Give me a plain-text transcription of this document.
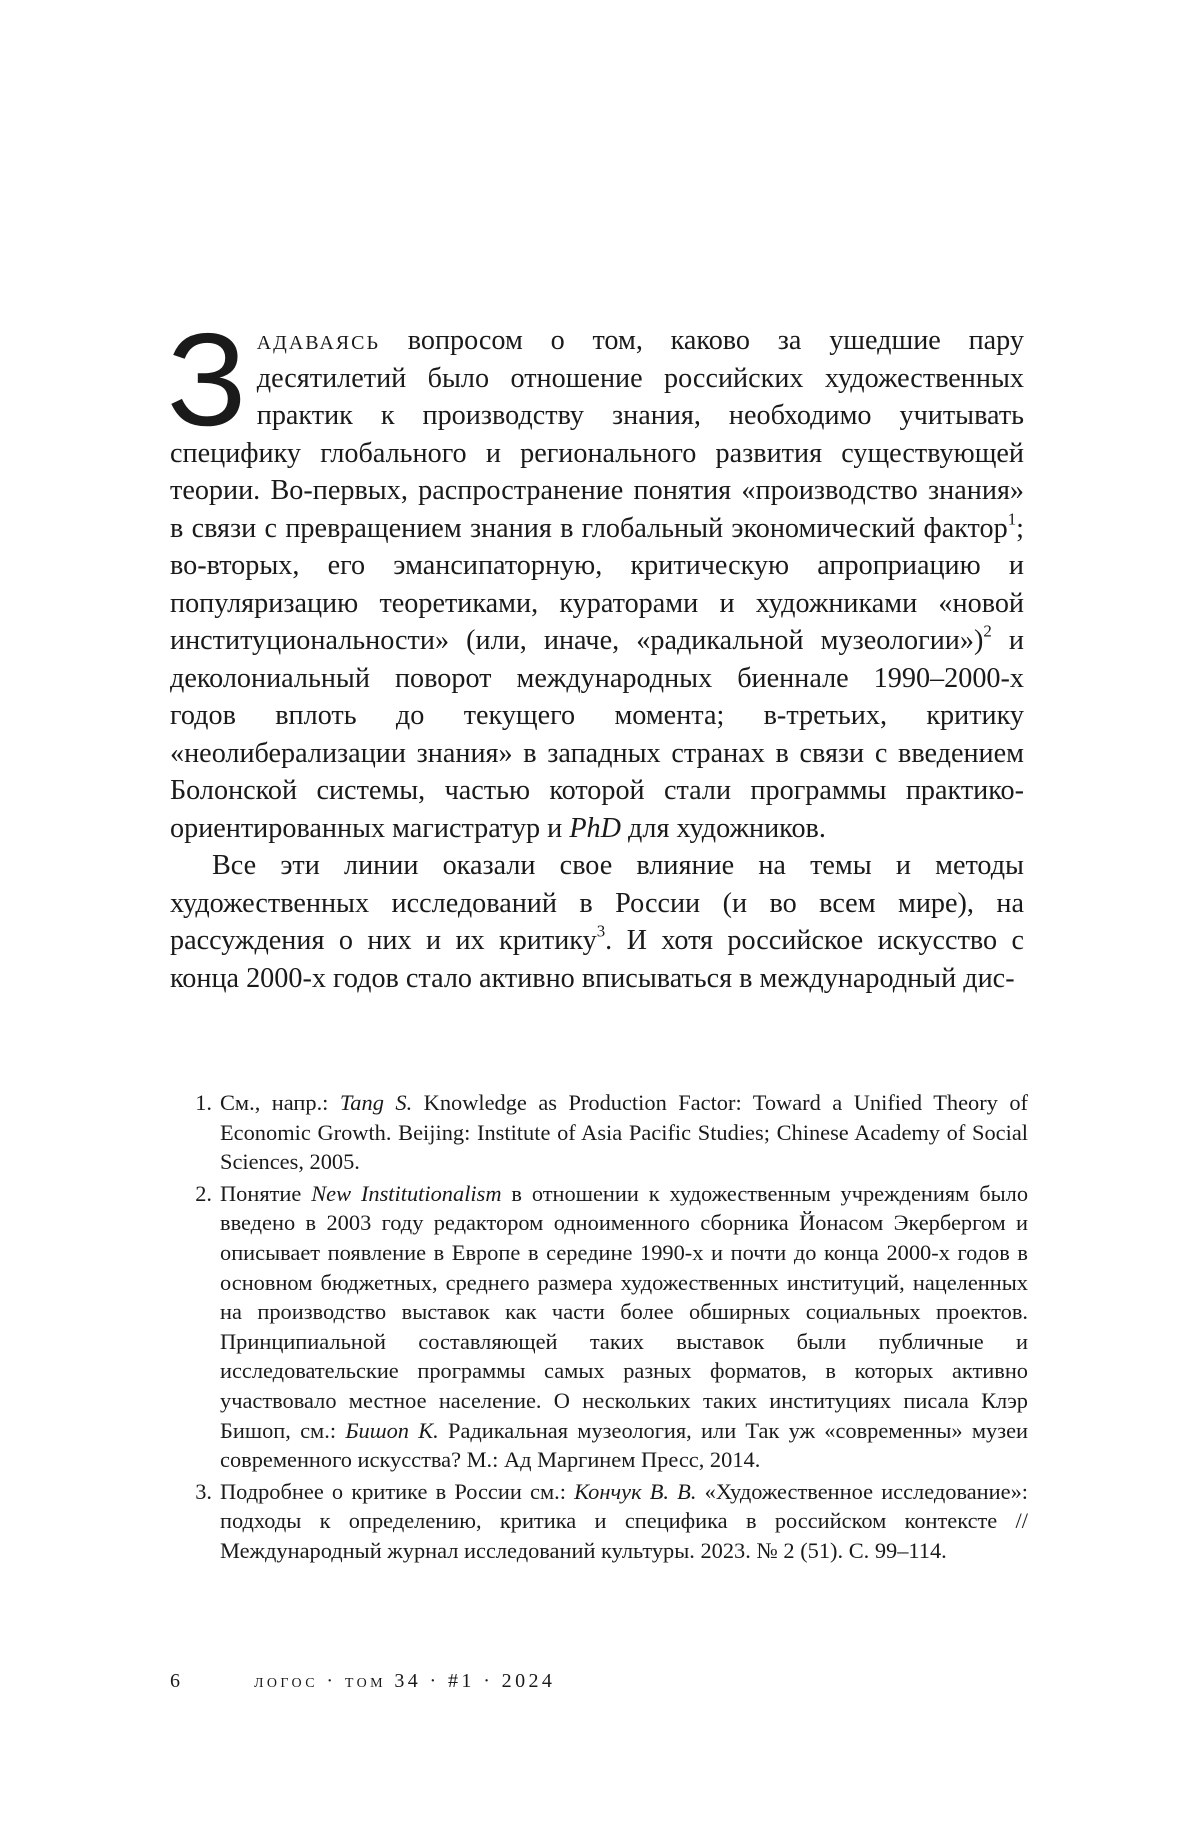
Задаваясь вопросом о том, каково за ушедшие пару десятилетий было отношение российских художественных практик к производству знания, необходимо учитывать специфику глобального и регионального развития существующей теории. Во-первых, распространение понятия «производство знания» в связи с превращением знания в глобальный экономический фактор$^1$; во-вторых, его эмансипаторную, критическую апроприацию и популяризацию теоретиками, кураторами и художниками «новой институциональности» (или, иначе, «радикальной музеологии»)$^2$ и деколониальный поворот международных биеннале 1990–2000-х годов вплоть до текущего момента; в-третьих, критику «неолиберализации знания» в западных странах в связи с введением Болонской системы, частью которой стали программы практико-ориентированных магистратур и PhD для художников.

Все эти линии оказали свое влияние на темы и методы художественных исследований в России (и во всем мире), на рассуждения о них и их критику$^3$. И хотя российское искусство с конца 2000-х годов стало активно вписываться в международный дис-

1. См., напр.: Tang S. Knowledge as Production Factor: Toward a Unified Theory of Economic Growth. Beijing: Institute of Asia Pacific Studies; Chinese Academy of Social Sciences, 2005.
2. Понятие New Institutionalism в отношении к художественным учреждениям было введено в 2003 году редактором одноименного сборника Йонасом Экербергом и описывает появление в Европе в середине 1990-х и почти до конца 2000-х годов в основном бюджетных, среднего размера художественных институций, нацеленных на производство выставок как части более обширных социальных проектов. Принципиальной составляющей таких выставок были публичные и исследовательские программы самых разных форматов, в которых активно участвовало местное население. О нескольких таких институциях писала Клэр Бишоп, см.: Бишоп К. Радикальная музеология, или Так уж «современны» музеи современного искусства? М.: Ад Маргинем Пресс, 2014.
3. Подробнее о критике в России см.: Кончук В. В. «Художественное исследование»: подходы к определению, критика и специфика в российском контексте // Международный журнал исследований культуры. 2023. № 2 (51). С. 99–114.
6	логос · том 34 · #1 · 2024
